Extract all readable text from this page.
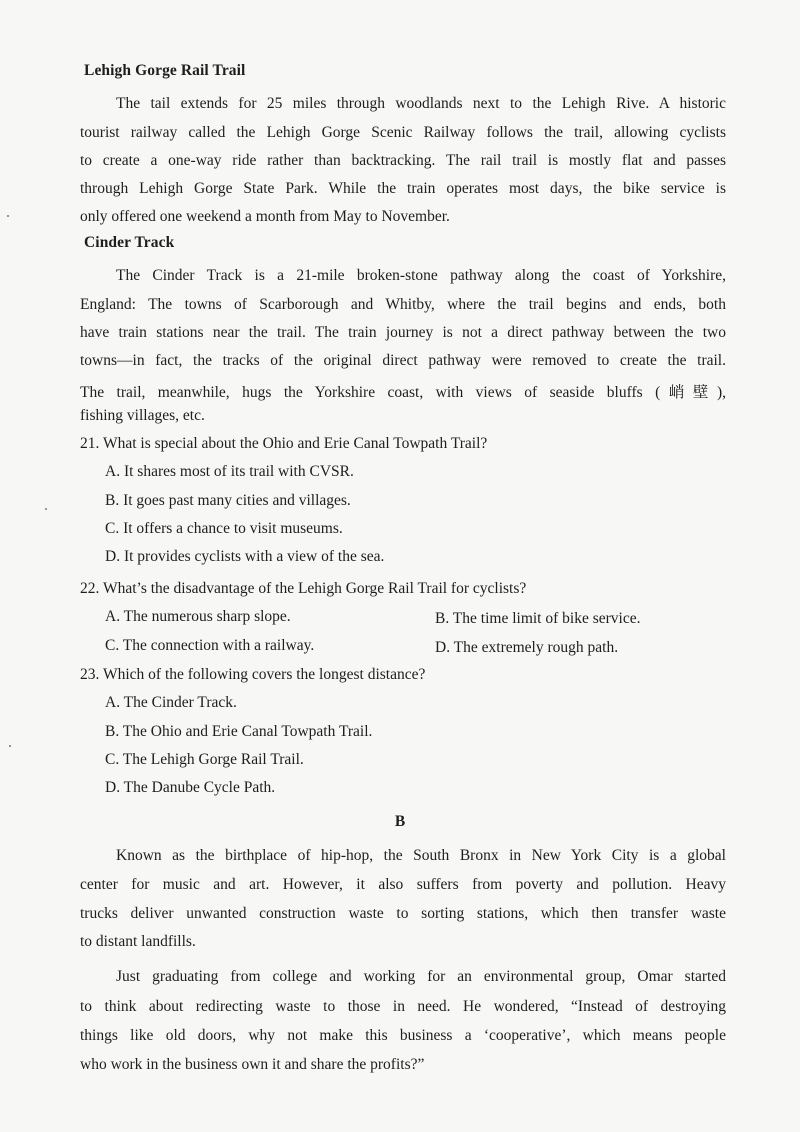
Lehigh Gorge Rail Trail
The tail extends for 25 miles through woodlands next to the Lehigh Rive. A historic
tourist railway called the Lehigh Gorge Scenic Railway follows the trail, allowing cyclists
to create a one-way ride rather than backtracking. The rail trail is mostly flat and passes
through Lehigh Gorge State Park. While the train operates most days, the bike service is
only offered one weekend a month from May to November.
Cinder Track
The Cinder Track is a 21-mile broken-stone pathway along the coast of Yorkshire,
England: The towns of Scarborough and Whitby, where the trail begins and ends, both
have train stations near the trail. The train journey is not a direct pathway between the two
towns—in fact, the tracks of the original direct pathway were removed to create the trail.
The trail, meanwhile, hugs the Yorkshire coast, with views of seaside bluffs (峭壁),
fishing villages, etc.
21. What is special about the Ohio and Erie Canal Towpath Trail?
A. It shares most of its trail with CVSR.
B. It goes past many cities and villages.
C. It offers a chance to visit museums.
D. It provides cyclists with a view of the sea.
22. What’s the disadvantage of the Lehigh Gorge Rail Trail for cyclists?
A. The numerous sharp slope.	B. The time limit of bike service.
C. The connection with a railway.	D. The extremely rough path.
23. Which of the following covers the longest distance?
A. The Cinder Track.
B. The Ohio and Erie Canal Towpath Trail.
C. The Lehigh Gorge Rail Trail.
D. The Danube Cycle Path.
B
Known as the birthplace of hip-hop, the South Bronx in New York City is a global
center for music and art. However, it also suffers from poverty and pollution. Heavy
trucks deliver unwanted construction waste to sorting stations, which then transfer waste
to distant landfills.
Just graduating from college and working for an environmental group, Omar started
to think about redirecting waste to those in need. He wondered, “Instead of destroying
things like old doors, why not make this business a ‘cooperative’, which means people
who work in the business own it and share the profits?”
